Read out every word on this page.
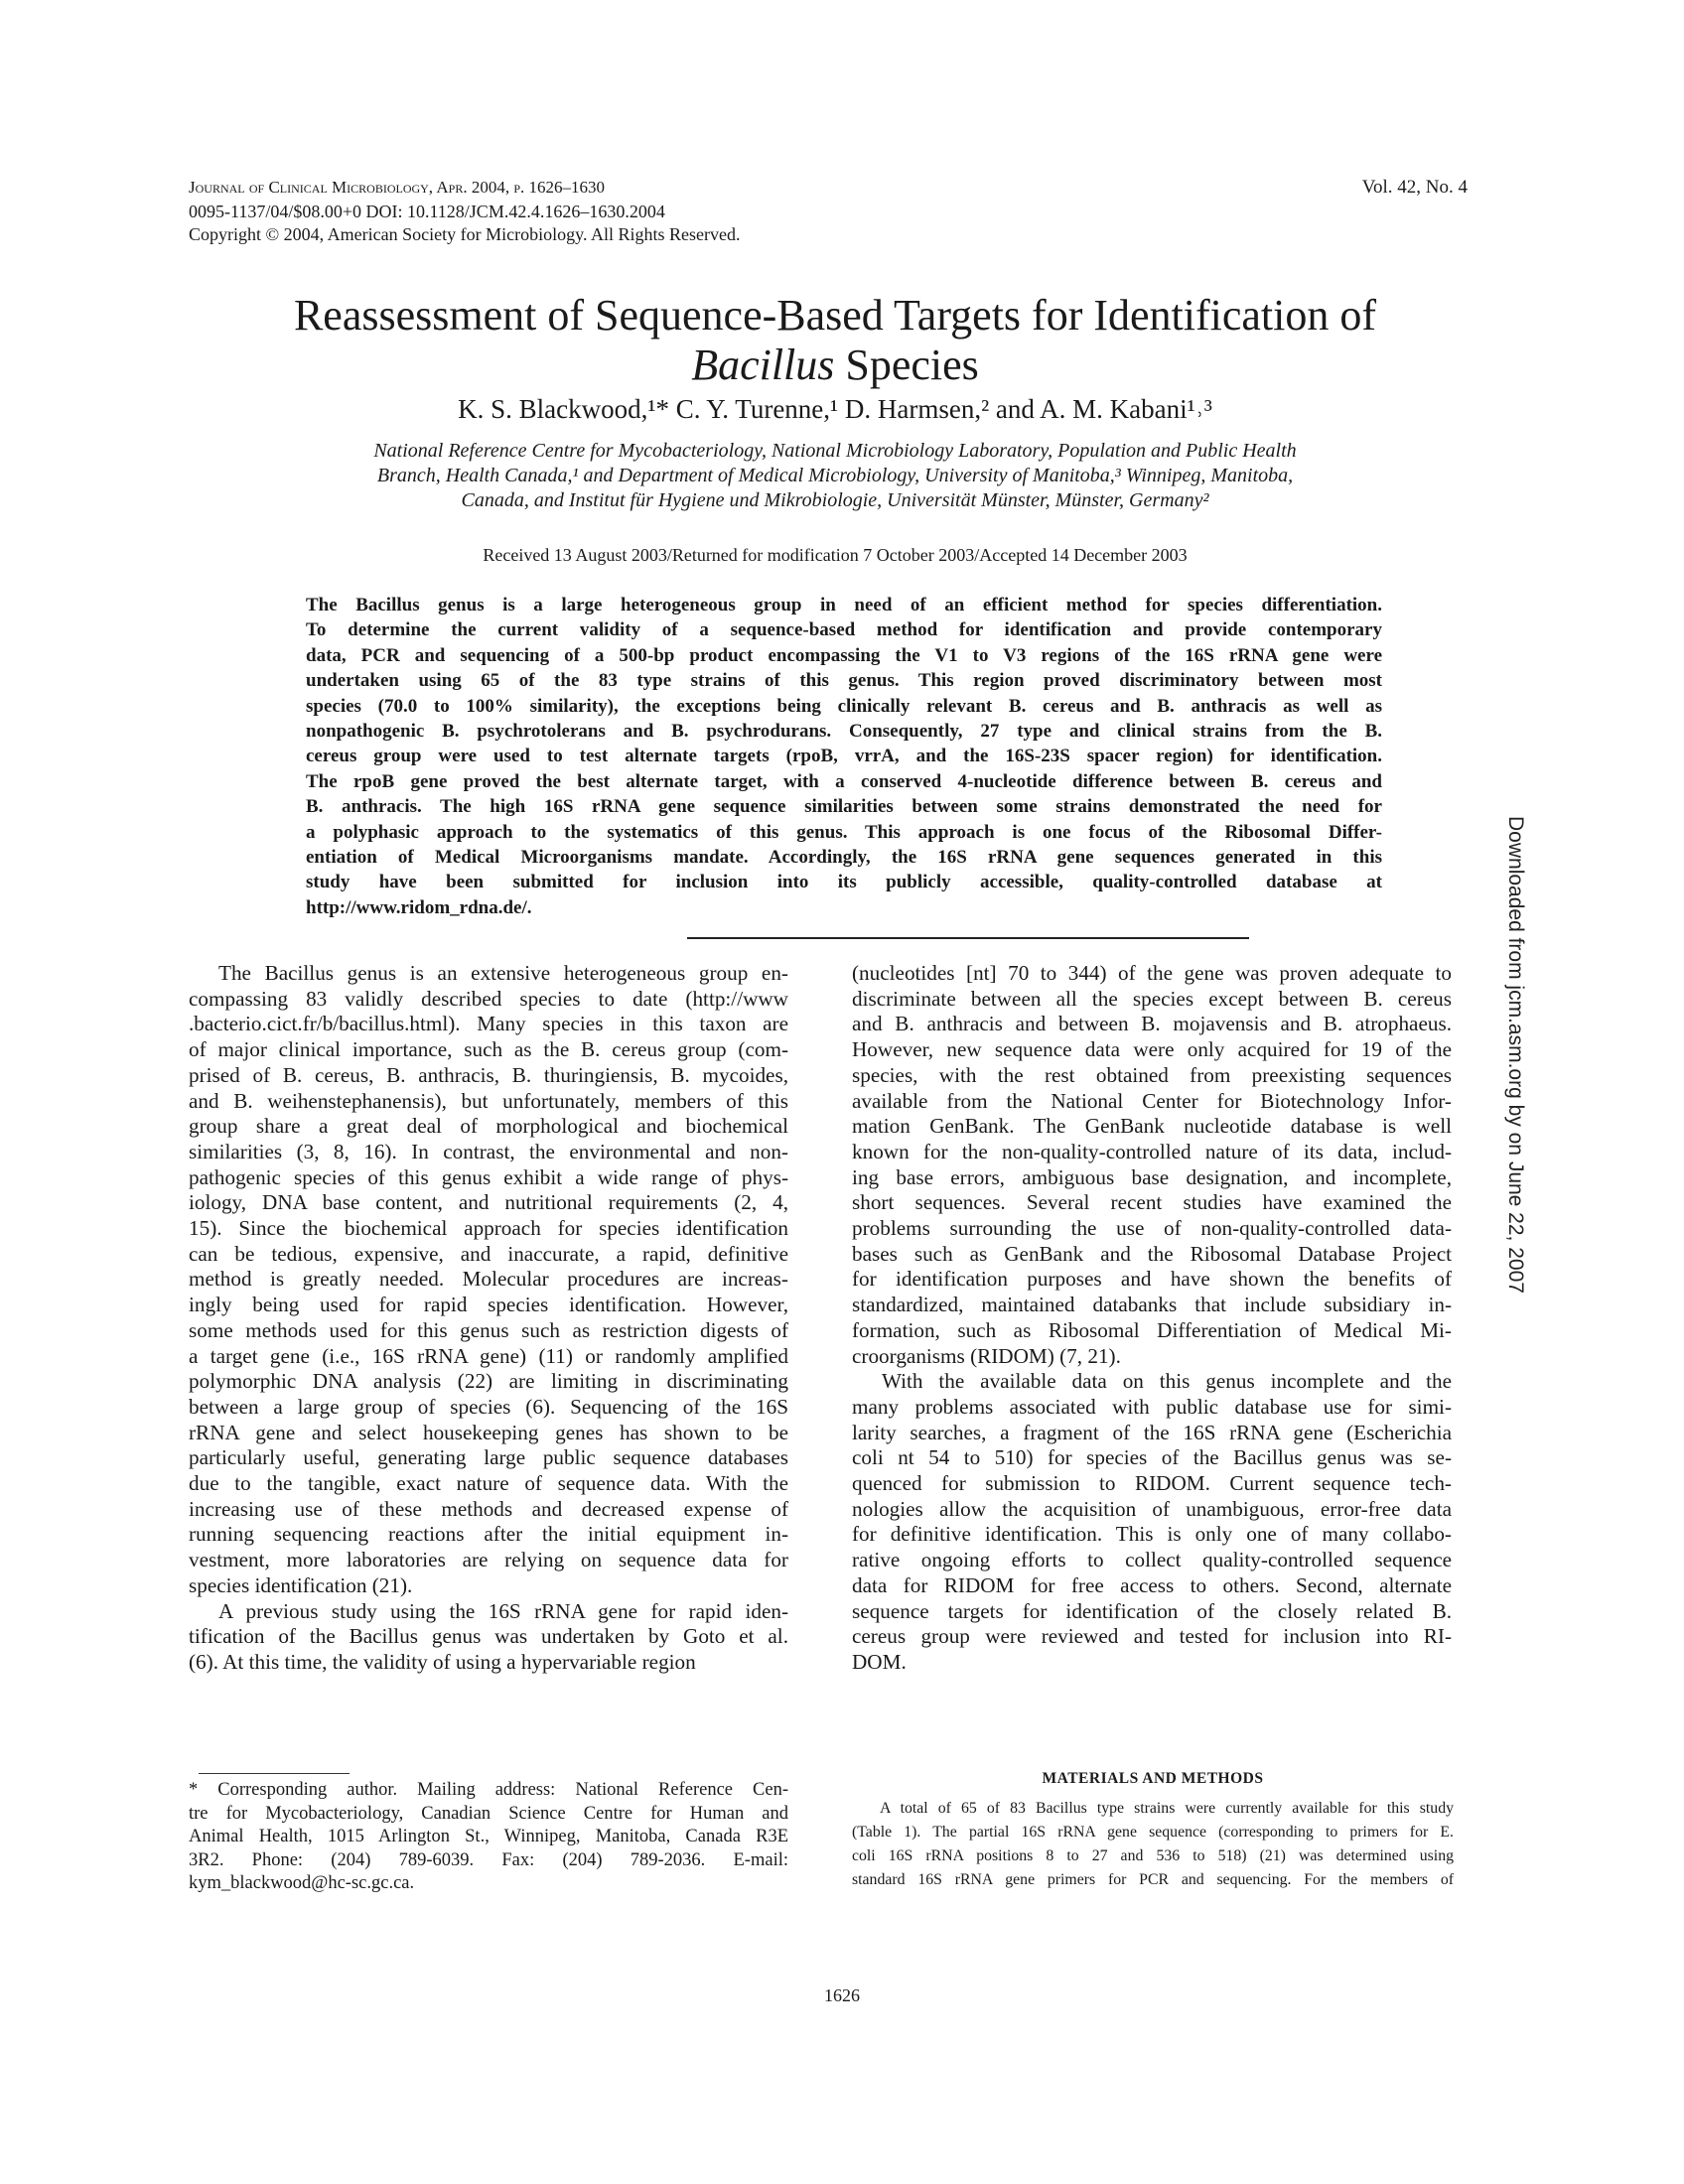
Journal of Clinical Microbiology, Apr. 2004, p. 1626–1630
0095-1137/04/$08.00+0 DOI: 10.1128/JCM.42.4.1626–1630.2004
Copyright © 2004, American Society for Microbiology. All Rights Reserved.
Vol. 42, No. 4
Reassessment of Sequence-Based Targets for Identification of
Bacillus Species
K. S. Blackwood,¹* C. Y. Turenne,¹ D. Harmsen,² and A. M. Kabani¹˒³
National Reference Centre for Mycobacteriology, National Microbiology Laboratory, Population and Public Health
Branch, Health Canada,¹ and Department of Medical Microbiology, University of Manitoba,³ Winnipeg, Manitoba,
Canada, and Institut für Hygiene und Mikrobiologie, Universität Münster, Münster, Germany²
Received 13 August 2003/Returned for modification 7 October 2003/Accepted 14 December 2003
The Bacillus genus is a large heterogeneous group in need of an efficient method for species differentiation.
To determine the current validity of a sequence-based method for identification and provide contemporary
data, PCR and sequencing of a 500-bp product encompassing the V1 to V3 regions of the 16S rRNA gene were
undertaken using 65 of the 83 type strains of this genus. This region proved discriminatory between most
species (70.0 to 100% similarity), the exceptions being clinically relevant B. cereus and B. anthracis as well as
nonpathogenic B. psychrotolerans and B. psychrodurans. Consequently, 27 type and clinical strains from the B.
cereus group were used to test alternate targets (rpoB, vrrA, and the 16S-23S spacer region) for identification.
The rpoB gene proved the best alternate target, with a conserved 4-nucleotide difference between B. cereus and
B. anthracis. The high 16S rRNA gene sequence similarities between some strains demonstrated the need for
a polyphasic approach to the systematics of this genus. This approach is one focus of the Ribosomal Differ-
entiation of Medical Microorganisms mandate. Accordingly, the 16S rRNA gene sequences generated in this
study have been submitted for inclusion into its publicly accessible, quality-controlled database at
http://www.ridom_rdna.de/.
The Bacillus genus is an extensive heterogeneous group en-
compassing 83 validly described species to date (http://www
.bacterio.cict.fr/b/bacillus.html). Many species in this taxon are
of major clinical importance, such as the B. cereus group (com-
prised of B. cereus, B. anthracis, B. thuringiensis, B. mycoides,
and B. weihenstephanensis), but unfortunately, members of this
group share a great deal of morphological and biochemical
similarities (3, 8, 16). In contrast, the environmental and non-
pathogenic species of this genus exhibit a wide range of phys-
iology, DNA base content, and nutritional requirements (2, 4,
15). Since the biochemical approach for species identification
can be tedious, expensive, and inaccurate, a rapid, definitive
method is greatly needed. Molecular procedures are increas-
ingly being used for rapid species identification. However,
some methods used for this genus such as restriction digests of
a target gene (i.e., 16S rRNA gene) (11) or randomly amplified
polymorphic DNA analysis (22) are limiting in discriminating
between a large group of species (6). Sequencing of the 16S
rRNA gene and select housekeeping genes has shown to be
particularly useful, generating large public sequence databases
due to the tangible, exact nature of sequence data. With the
increasing use of these methods and decreased expense of
running sequencing reactions after the initial equipment in-
vestment, more laboratories are relying on sequence data for
species identification (21).
A previous study using the 16S rRNA gene for rapid iden-
tification of the Bacillus genus was undertaken by Goto et al.
(6). At this time, the validity of using a hypervariable region
(nucleotides [nt] 70 to 344) of the gene was proven adequate to
discriminate between all the species except between B. cereus
and B. anthracis and between B. mojavensis and B. atrophaeus.
However, new sequence data were only acquired for 19 of the
species, with the rest obtained from preexisting sequences
available from the National Center for Biotechnology Infor-
mation GenBank. The GenBank nucleotide database is well
known for the non-quality-controlled nature of its data, includ-
ing base errors, ambiguous base designation, and incomplete,
short sequences. Several recent studies have examined the
problems surrounding the use of non-quality-controlled data-
bases such as GenBank and the Ribosomal Database Project
for identification purposes and have shown the benefits of
standardized, maintained databanks that include subsidiary in-
formation, such as Ribosomal Differentiation of Medical Mi-
croorganisms (RIDOM) (7, 21).
With the available data on this genus incomplete and the
many problems associated with public database use for simi-
larity searches, a fragment of the 16S rRNA gene (Escherichia
coli nt 54 to 510) for species of the Bacillus genus was se-
quenced for submission to RIDOM. Current sequence tech-
nologies allow the acquisition of unambiguous, error-free data
for definitive identification. This is only one of many collabo-
rative ongoing efforts to collect quality-controlled sequence
data for RIDOM for free access to others. Second, alternate
sequence targets for identification of the closely related B.
cereus group were reviewed and tested for inclusion into RI-
DOM.
* Corresponding author. Mailing address: National Reference Cen-
tre for Mycobacteriology, Canadian Science Centre for Human and
Animal Health, 1015 Arlington St., Winnipeg, Manitoba, Canada R3E
3R2. Phone: (204) 789-6039. Fax: (204) 789-2036. E-mail:
kym_blackwood@hc-sc.gc.ca.
MATERIALS AND METHODS
A total of 65 of 83 Bacillus type strains were currently available for this study
(Table 1). The partial 16S rRNA gene sequence (corresponding to primers for E.
coli 16S rRNA positions 8 to 27 and 536 to 518) (21) was determined using
standard 16S rRNA gene primers for PCR and sequencing. For the members of
1626
Downloaded from jcm.asm.org by on June 22, 2007
